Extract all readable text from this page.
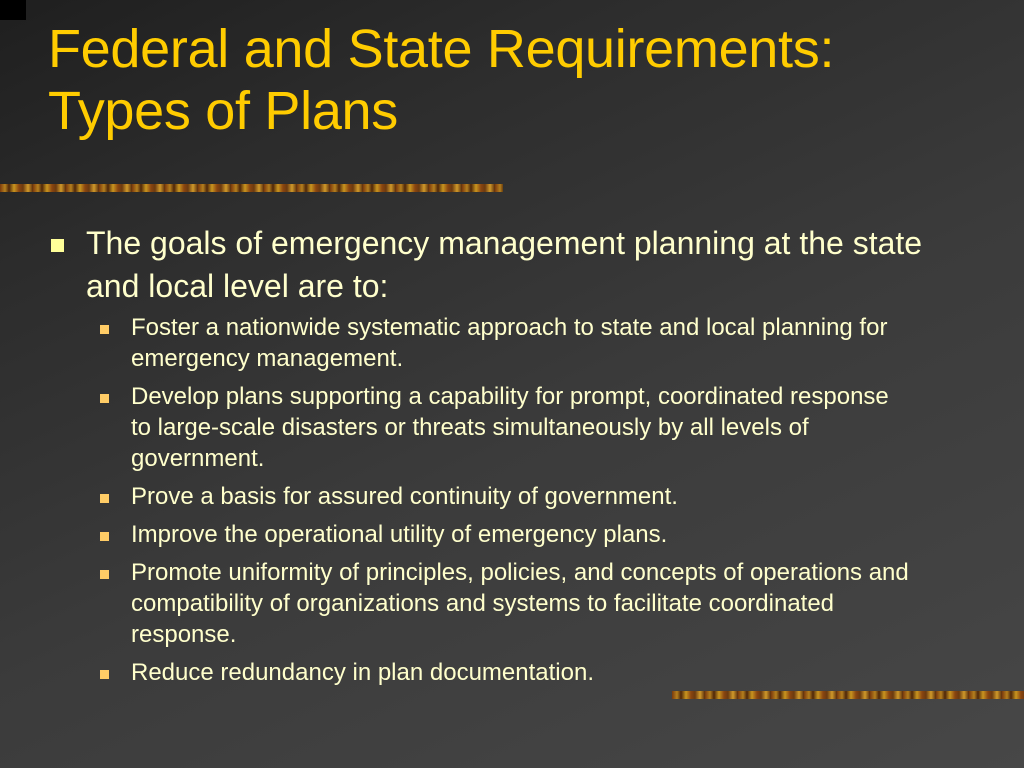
Federal and State Requirements:
Types of Plans
The goals of emergency management planning at the state and local level are to:
Foster a nationwide systematic approach to state and local planning for emergency management.
Develop plans supporting a capability for prompt, coordinated response to large-scale disasters or threats simultaneously by all levels of government.
Prove a basis for assured continuity of government.
Improve the operational utility of emergency plans.
Promote uniformity of principles, policies, and concepts of operations and compatibility of organizations and systems to facilitate coordinated response.
Reduce redundancy in plan documentation.
